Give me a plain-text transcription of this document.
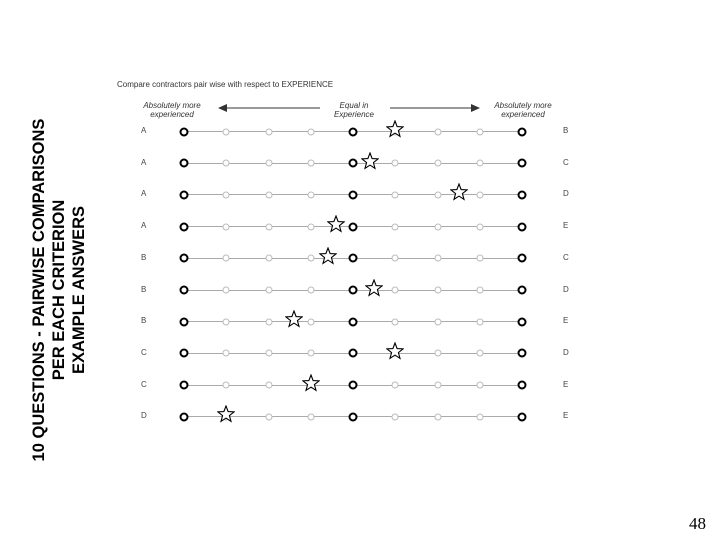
10 QUESTIONS - PAIRWISE COMPARISONS PER EACH CRITERION EXAMPLE ANSWERS
Compare contractors pair wise with respect to EXPERIENCE
Absolutely more experienced
Equal in Experience
Absolutely more experienced
A	B
A	C
A	D
A	E
B	C
B	D
B	E
C	D
C	E
D	E
48
